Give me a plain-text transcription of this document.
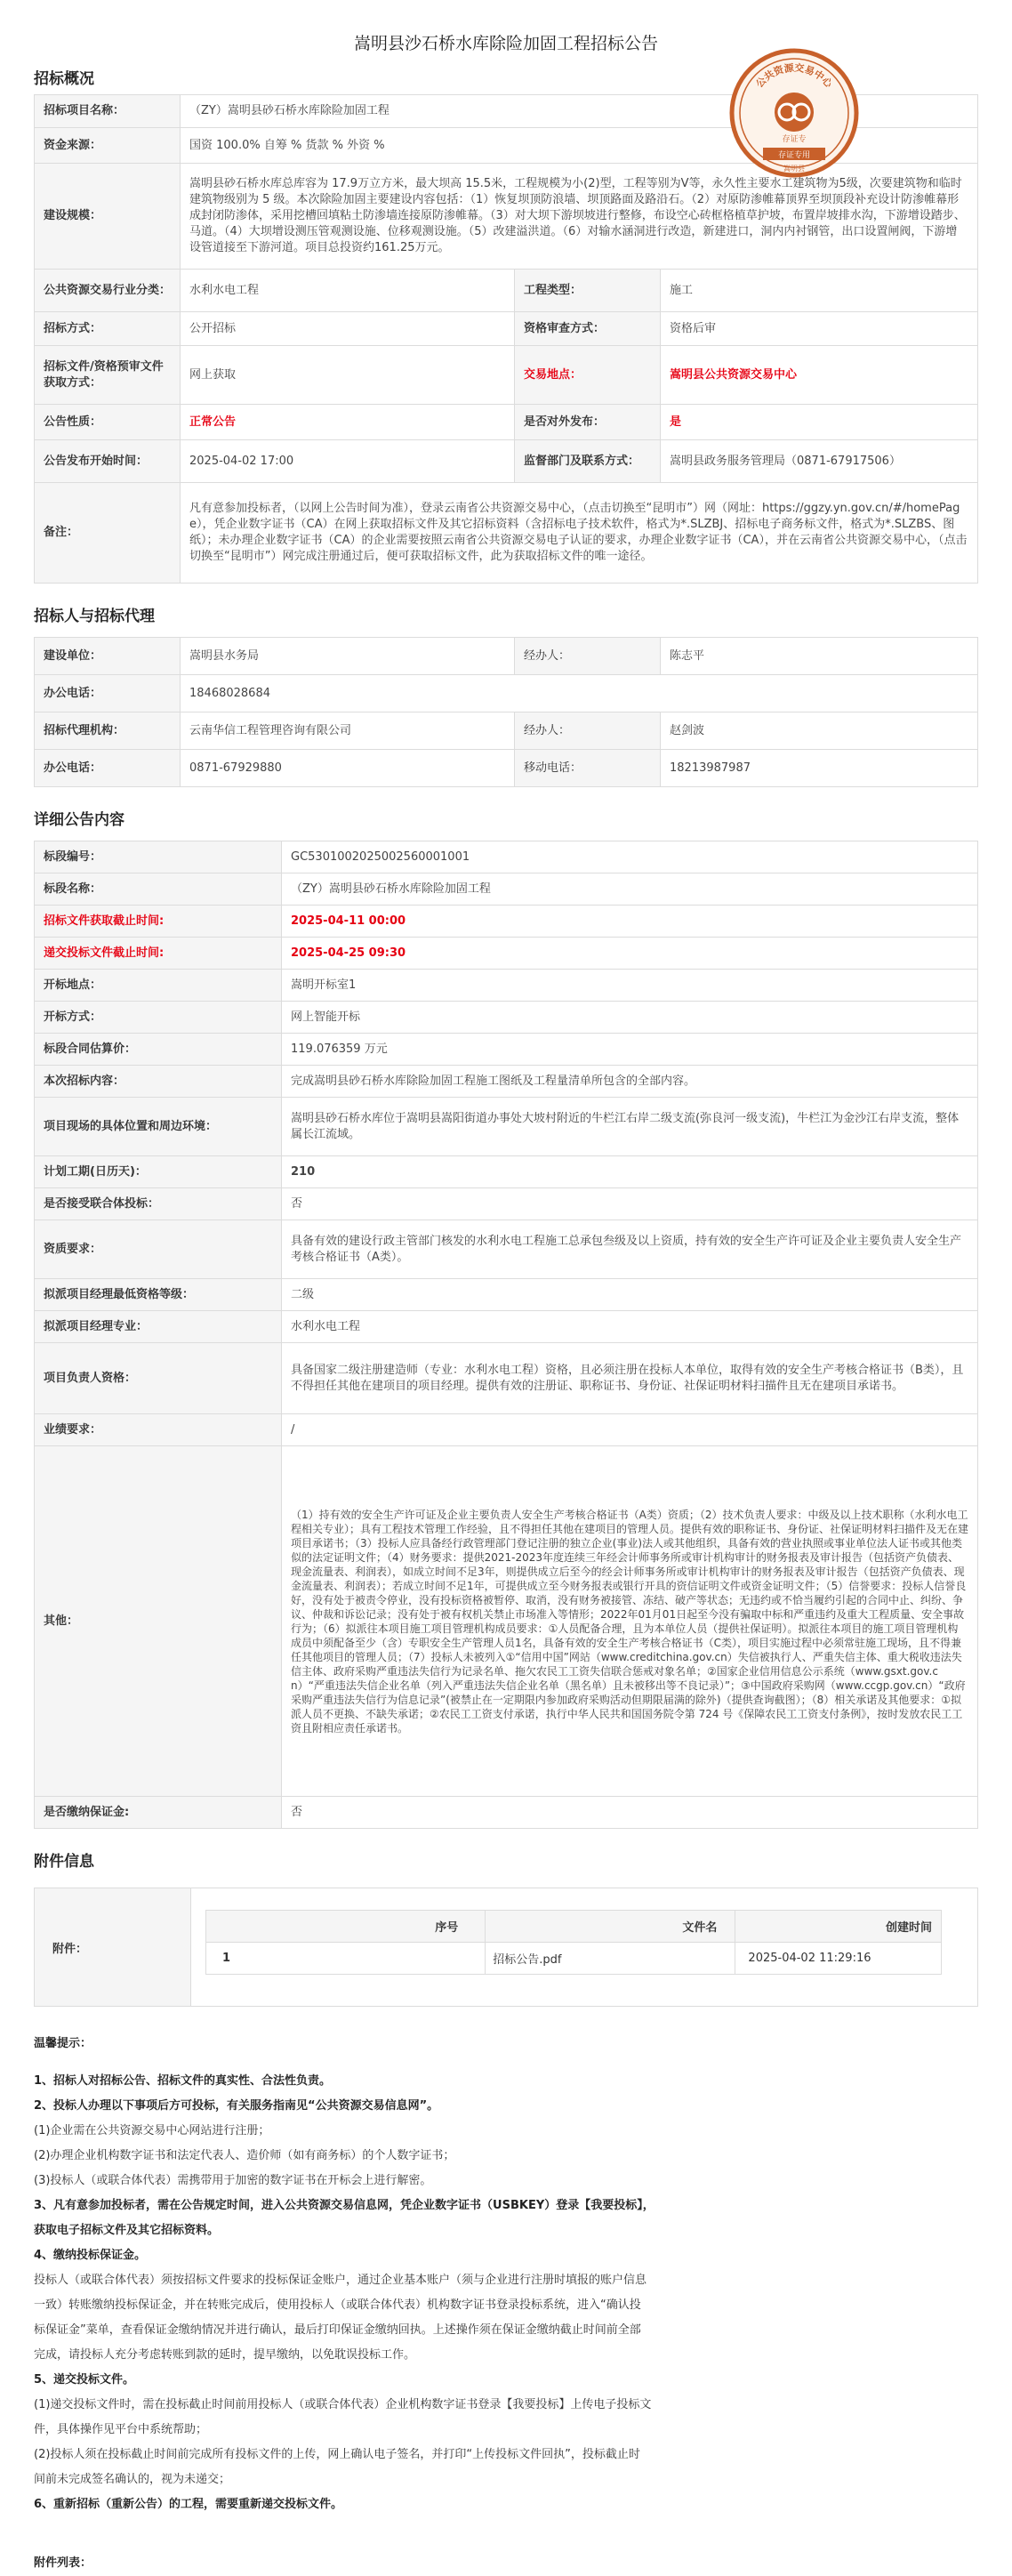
嵩明县沙石桥水库除险加固工程招标公告
公共资源交易中心
存证专
存证专用
嵩明县
招标概况
招标项目名称：	（ZY）嵩明县砂石桥水库除险加固工程		
资金来源：	国资 100.0% 自筹 % 货款 % 外资 %		
建设规模：	嵩明县砂石桥水库总库容为 17.9万立方米，最大坝高 15.5米，工程规模为小(2)型，工程等别为Ⅴ等，永久性主要水工建筑物为5级，次要建筑物和临时建筑物级别为 5 级。本次除险加固主要建设内容包括：（1）恢复坝顶防浪墙、坝顶路面及路沿石。（2）对原防渗帷幕顶界至坝顶段补充设计防渗帷幕形成封闭防渗体，采用挖槽回填粘土防渗墙连接原防渗帷幕。（3）对大坝下游坝坡进行整修，布设空心砖框格植草护坡，布置岸坡排水沟，下游增设踏步、马道。（4）大坝增设测压管观测设施、位移观测设施。（5）改建溢洪道。（6）对输水涵洞进行改造，新建进口，洞内内衬钢管，出口设置闸阀，下游增设管道接至下游河道。项目总投资约161.25万元。		
公共资源交易行业分类：	水利水电工程	工程类型：	施工
招标方式：	公开招标	资格审查方式：	资格后审
招标文件/资格预审文件获取方式：	网上获取	交易地点：	嵩明县公共资源交易中心
公告性质：	正常公告	是否对外发布：	是
公告发布开始时间：	2025-04-02 17:00	监督部门及联系方式：	嵩明县政务服务管理局（0871-67917506）
备注：	凡有意参加投标者，（以网上公告时间为准），登录云南省公共资源交易中心，（点击切换至“昆明市”）网（网址：https://ggzy.yn.gov.cn/#/homePage），凭企业数字证书（CA）在网上获取招标文件及其它招标资料（含招标电子技术软件，格式为*.SLZBJ、招标电子商务标文件，格式为*.SLZBS、图纸）；未办理企业数字证书（CA）的企业需要按照云南省公共资源交易电子认证的要求，办理企业数字证书（CA），并在云南省公共资源交易中心，（点击切换至“昆明市”）网完成注册通过后，便可获取招标文件，此为获取招标文件的唯一途径。		
招标人与招标代理
建设单位：	嵩明县水务局	经办人：	陈志平
办公电话：	18468028684		
招标代理机构：	云南华信工程管理咨询有限公司	经办人：	赵剑波
办公电话：	0871-67929880	移动电话：	18213987987
详细公告内容
标段编号：	GC5301002025002560001001
标段名称：	（ZY）嵩明县砂石桥水库除险加固工程
招标文件获取截止时间:	2025-04-11 00:00
递交投标文件截止时间:	2025-04-25 09:30
开标地点：	嵩明开标室1
开标方式：	网上智能开标
标段合同估算价：	119.076359 万元
本次招标内容：	完成嵩明县砂石桥水库除险加固工程施工图纸及工程量清单所包含的全部内容。
项目现场的具体位置和周边环境：	嵩明县砂石桥水库位于嵩明县嵩阳街道办事处大坡村附近的牛栏江右岸二级支流(弥良河一级支流)，牛栏江为金沙江右岸支流，整体属长江流域。
计划工期(日历天)：	210
是否接受联合体投标：	否
资质要求：	具备有效的建设行政主管部门核发的水利水电工程施工总承包叁级及以上资质，持有效的安全生产许可证及企业主要负责人安全生产考核合格证书（A类）。
拟派项目经理最低资格等级：	二级
拟派项目经理专业：	水利水电工程
项目负责人资格：	具备国家二级注册建造师（专业：水利水电工程）资格，且必须注册在投标人本单位，取得有效的安全生产考核合格证书（B类），且不得担任其他在建项目的项目经理。提供有效的注册证、职称证书、身份证、社保证明材料扫描件且无在建项目承诺书。
业绩要求：	/
其他：	（1）持有效的安全生产许可证及企业主要负责人安全生产考核合格证书（A类）资质；（2）技术负责人要求：中级及以上技术职称（水利水电工程相关专业）；具有工程技术管理工作经验，且不得担任其他在建项目的管理人员。提供有效的职称证书、身份证、社保证明材料扫描件及无在建项目承诺书；（3）投标人应具备经行政管理部门登记注册的独立企业(事业)法人或其他组织，具备有效的营业执照或事业单位法人证书或其他类似的法定证明文件；（4）财务要求：提供2021-2023年度连续三年经会计师事务所或审计机构审计的财务报表及审计报告（包括资产负债表、现金流量表、利润表），如成立时间不足3年，则提供成立后至今的经会计师事务所或审计机构审计的财务报表及审计报告（包括资产负债表、现金流量表、利润表）；若成立时间不足1年，可提供成立至今财务报表或银行开具的资信证明文件或资金证明文件；（5）信誉要求：投标人信誉良好，没有处于被责令停业，没有投标资格被暂停、取消，没有财务被接管、冻结、破产等状态；无违约或不恰当履约引起的合同中止、纠纷、争议、仲裁和诉讼记录；没有处于被有权机关禁止市场准入等情形；2022年01月01日起至今没有骗取中标和严重违约及重大工程质量、安全事故行为；（6）拟派往本项目施工项目管理机构成员要求：①人员配备合理，且为本单位人员（提供社保证明）。拟派往本项目的施工项目管理机构成员中须配备至少（含）专职安全生产管理人员1名，具备有效的安全生产考核合格证书（C类），项目实施过程中必须常驻施工现场，且不得兼任其他项目的管理人员；（7）投标人未被列入①“信用中国”网站（www.creditchina.gov.cn）失信被执行人、严重失信主体、重大税收违法失信主体、政府采购严重违法失信行为记录名单、拖欠农民工工资失信联合惩戒对象名单；②国家企业信用信息公示系统（www.gsxt.gov.cn）“严重违法失信企业名单（列入严重违法失信企业名单（黑名单）且未被移出等不良记录）”；③中国政府采购网（www.ccgp.gov.cn）“政府采购严重违法失信行为信息记录”(被禁止在一定期限内参加政府采购活动但期限届满的除外)（提供查询截图）；（8）相关承诺及其他要求：①拟派人员不更换、不缺失承诺；②农民工工资支付承诺，执行中华人民共和国国务院令第 724 号《保障农民工工资支付条例》，按时发放农民工工资且附相应责任承诺书。
是否缴纳保证金:	否
附件信息
附件：
序号	文件名	创建时间
1	招标公告.pdf	2025-04-02 11:29:16

温馨提示：

1、招标人对招标公告、招标文件的真实性、合法性负责。

2、投标人办理以下事项后方可投标，有关服务指南见“公共资源交易信息网”。

(1)企业需在公共资源交易中心网站进行注册；

(2)办理企业机构数字证书和法定代表人、造价师（如有商务标）的个人数字证书；

(3)投标人（或联合体代表）需携带用于加密的数字证书在开标会上进行解密。

3、凡有意参加投标者，需在公告规定时间，进入公共资源交易信息网，凭企业数字证书（USBKEY）登录【我要投标】，

获取电子招标文件及其它招标资料。

4、缴纳投标保证金。

投标人（或联合体代表）须按招标文件要求的投标保证金账户，通过企业基本账户（须与企业进行注册时填报的账户信息

一致）转账缴纳投标保证金，并在转账完成后，使用投标人（或联合体代表）机构数字证书登录投标系统，进入“确认投

标保证金”菜单，查看保证金缴纳情况并进行确认，最后打印保证金缴纳回执。上述操作须在保证金缴纳截止时间前全部

完成，请投标人充分考虑转账到款的延时，提早缴纳，以免耽误投标工作。

5、递交投标文件。

(1)递交投标文件时，需在投标截止时间前用投标人（或联合体代表）企业机构数字证书登录【我要投标】上传电子投标文

件，具体操作见平台中系统帮助；

(2)投标人须在投标截止时间前完成所有投标文件的上传，网上确认电子签名，并打印“上传投标文件回执”，投标截止时

间前未完成签名确认的，视为未递交；

6、重新招标（重新公告）的工程，需要重新递交投标文件。

附件列表：
